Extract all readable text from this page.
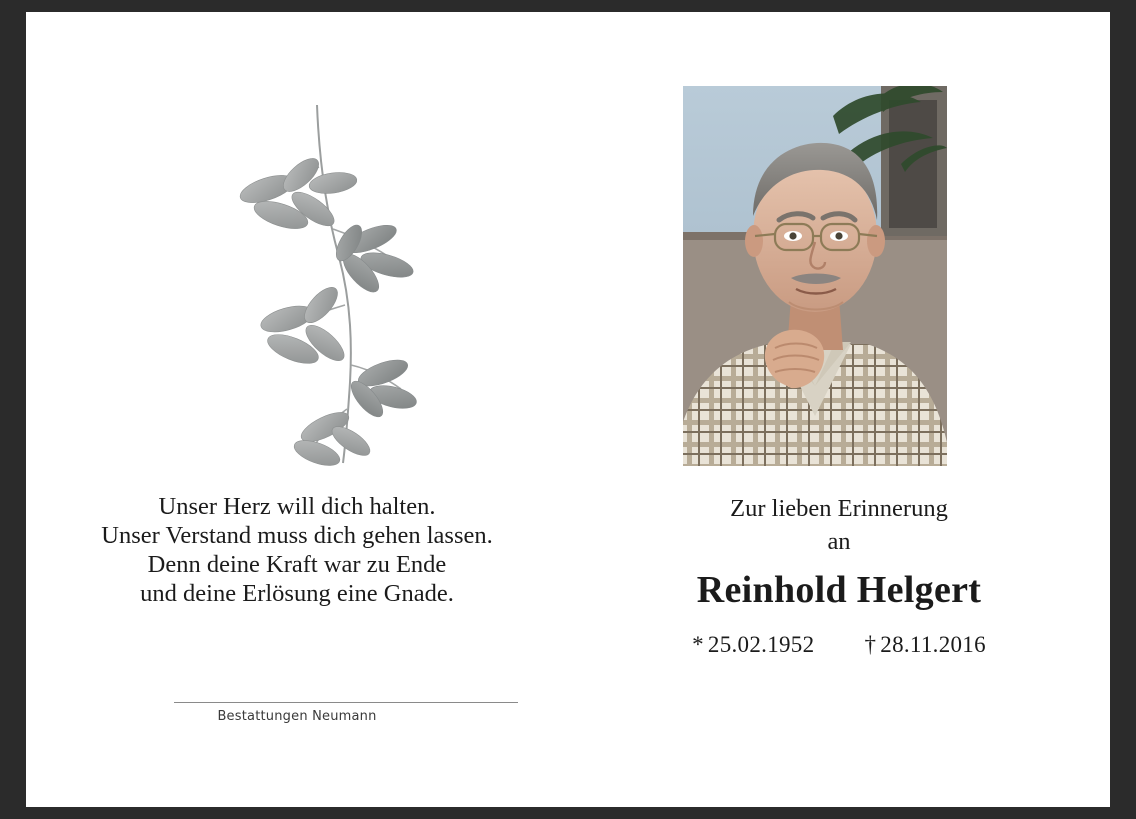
Unser Herz will dich halten.
Unser Verstand muss dich gehen lassen.
Denn deine Kraft war zu Ende
und deine Erlösung eine Gnade.
Bestattungen Neumann
Zur lieben Erinnerung
an
Reinhold Helgert
* 25.02.1952 † 28.11.2016
